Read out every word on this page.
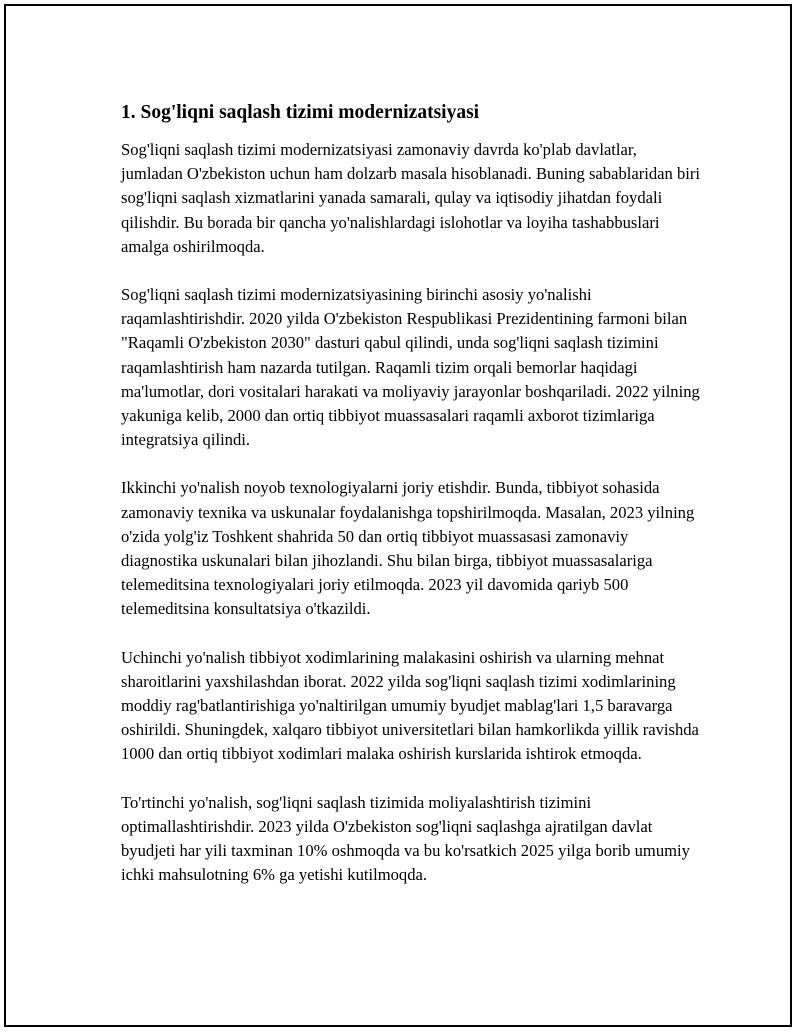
1. Sog'liqni saqlash tizimi modernizatsiyasi

Sog'liqni saqlash tizimi modernizatsiyasi zamonaviy davrda ko'plab davlatlar, jumladan O'zbekiston uchun ham dolzarb masala hisoblanadi. Buning sabablaridan biri sog'liqni saqlash xizmatlarini yanada samarali, qulay va iqtisodiy jihatdan foydali qilishdir. Bu borada bir qancha yo'nalishlardagi islohotlar va loyiha tashabbuslari amalga oshirilmoqda.

Sog'liqni saqlash tizimi modernizatsiyasining birinchi asosiy yo'nalishi raqamlashtirishdir. 2020 yilda O'zbekiston Respublikasi Prezidentining farmoni bilan "Raqamli O'zbekiston 2030" dasturi qabul qilindi, unda sog'liqni saqlash tizimini raqamlashtirish ham nazarda tutilgan. Raqamli tizim orqali bemorlar haqidagi ma'lumotlar, dori vositalari harakati va moliyaviy jarayonlar boshqariladi. 2022 yilning yakuniga kelib, 2000 dan ortiq tibbiyot muassasalari raqamli axborot tizimlariga integratsiya qilindi.

Ikkinchi yo'nalish noyob texnologiyalarni joriy etishdir. Bunda, tibbiyot sohasida zamonaviy texnika va uskunalar foydalanishga topshirilmoqda. Masalan, 2023 yilning o'zida yolg'iz Toshkent shahrida 50 dan ortiq tibbiyot muassasasi zamonaviy diagnostika uskunalari bilan jihozlandi. Shu bilan birga, tibbiyot muassasalariga telemeditsina texnologiyalari joriy etilmoqda. 2023 yil davomida qariyb 500 telemeditsina konsultatsiya o'tkazildi.

Uchinchi yo'nalish tibbiyot xodimlarining malakasini oshirish va ularning mehnat sharoitlarini yaxshilashdan iborat. 2022 yilda sog'liqni saqlash tizimi xodimlarining moddiy rag'batlantirishiga yo'naltirilgan umumiy byudjet mablag'lari 1,5 baravarga oshirildi. Shuningdek, xalqaro tibbiyot universitetlari bilan hamkorlikda yillik ravishda 1000 dan ortiq tibbiyot xodimlari malaka oshirish kurslarida ishtirok etmoqda.

To'rtinchi yo'nalish, sog'liqni saqlash tizimida moliyalashtirish tizimini optimallashtirishdir. 2023 yilda O'zbekiston sog'liqni saqlashga ajratilgan davlat byudjeti har yili taxminan 10% oshmoqda va bu ko'rsatkich 2025 yilga borib umumiy ichki mahsulotning 6% ga yetishi kutilmoqda.
